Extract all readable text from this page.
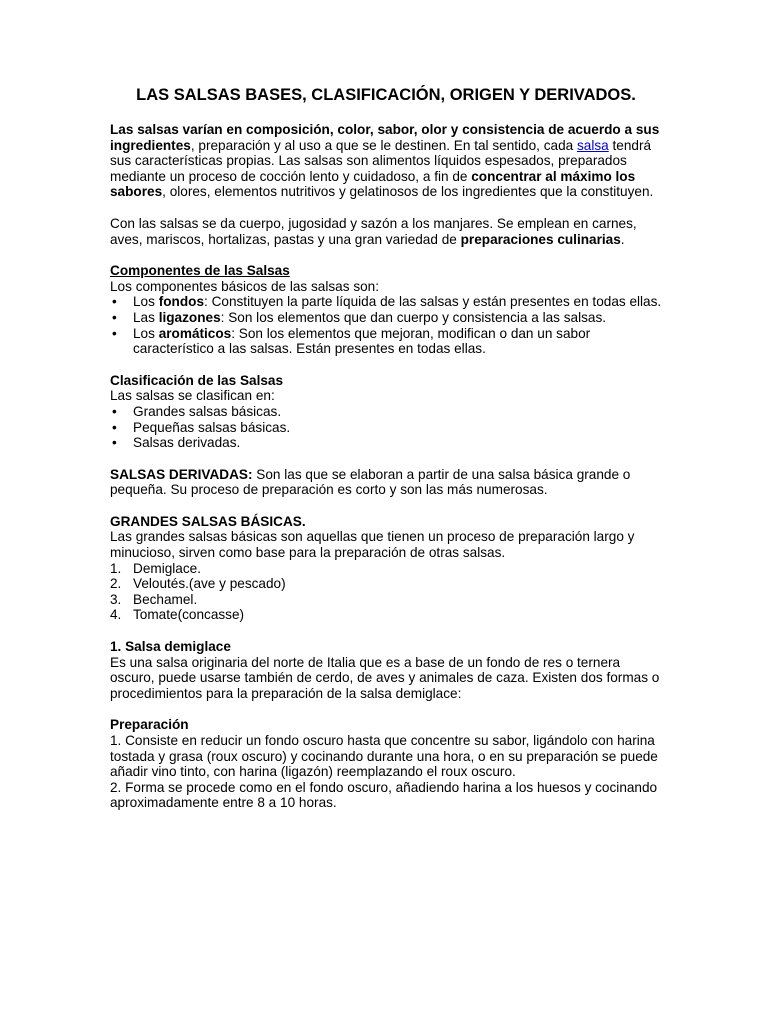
LAS SALSAS BASES, CLASIFICACIÓN, ORIGEN Y DERIVADOS.

Las salsas varían en composición, color, sabor, olor y consistencia de acuerdo a sus ingredientes, preparación y al uso a que se le destinen. En tal sentido, cada salsa tendrá sus características propias. Las salsas son alimentos líquidos espesados, preparados mediante un proceso de cocción lento y cuidadoso, a fin de concentrar al máximo los sabores, olores, elementos nutritivos y gelatinosos de los ingredientes que la constituyen.

Con las salsas se da cuerpo, jugosidad y sazón a los manjares. Se emplean en carnes, aves, mariscos, hortalizas, pastas y una gran variedad de preparaciones culinarias.

Componentes de las Salsas
Los componentes básicos de las salsas son:
• Los fondos: Constituyen la parte líquida de las salsas y están presentes en todas ellas.
• Las ligazones: Son los elementos que dan cuerpo y consistencia a las salsas.
• Los aromáticos: Son los elementos que mejoran, modifican o dan un sabor característico a las salsas. Están presentes en todas ellas.
Clasificación de las Salsas
Las salsas se clasifican en:
• Grandes salsas básicas.
• Pequeñas salsas básicas.
• Salsas derivadas.

SALSAS DERIVADAS: Son las que se elaboran a partir de una salsa básica grande o pequeña. Su proceso de preparación es corto y son las más numerosas.

GRANDES SALSAS BÁSICAS.
Las grandes salsas básicas son aquellas que tienen un proceso de preparación largo y minucioso, sirven como base para la preparación de otras salsas.
1. Demiglace.
2. Veloutés.(ave y pescado)
3. Bechamel.
4. Tomate(concasse)
1. Salsa demiglace
Es una salsa originaria del norte de Italia que es a base de un fondo de res o ternera oscuro, puede usarse también de cerdo, de aves y animales de caza. Existen dos formas o procedimientos para la preparación de la salsa demiglace:
Preparación
1. Consiste en reducir un fondo oscuro hasta que concentre su sabor, ligándolo con harina tostada y grasa (roux oscuro) y cocinando durante una hora, o en su preparación se puede añadir vino tinto, con harina (ligazón) reemplazando el roux oscuro.
2. Forma se procede como en el fondo oscuro, añadiendo harina a los huesos y cocinando aproximadamente entre 8 a 10 horas.
